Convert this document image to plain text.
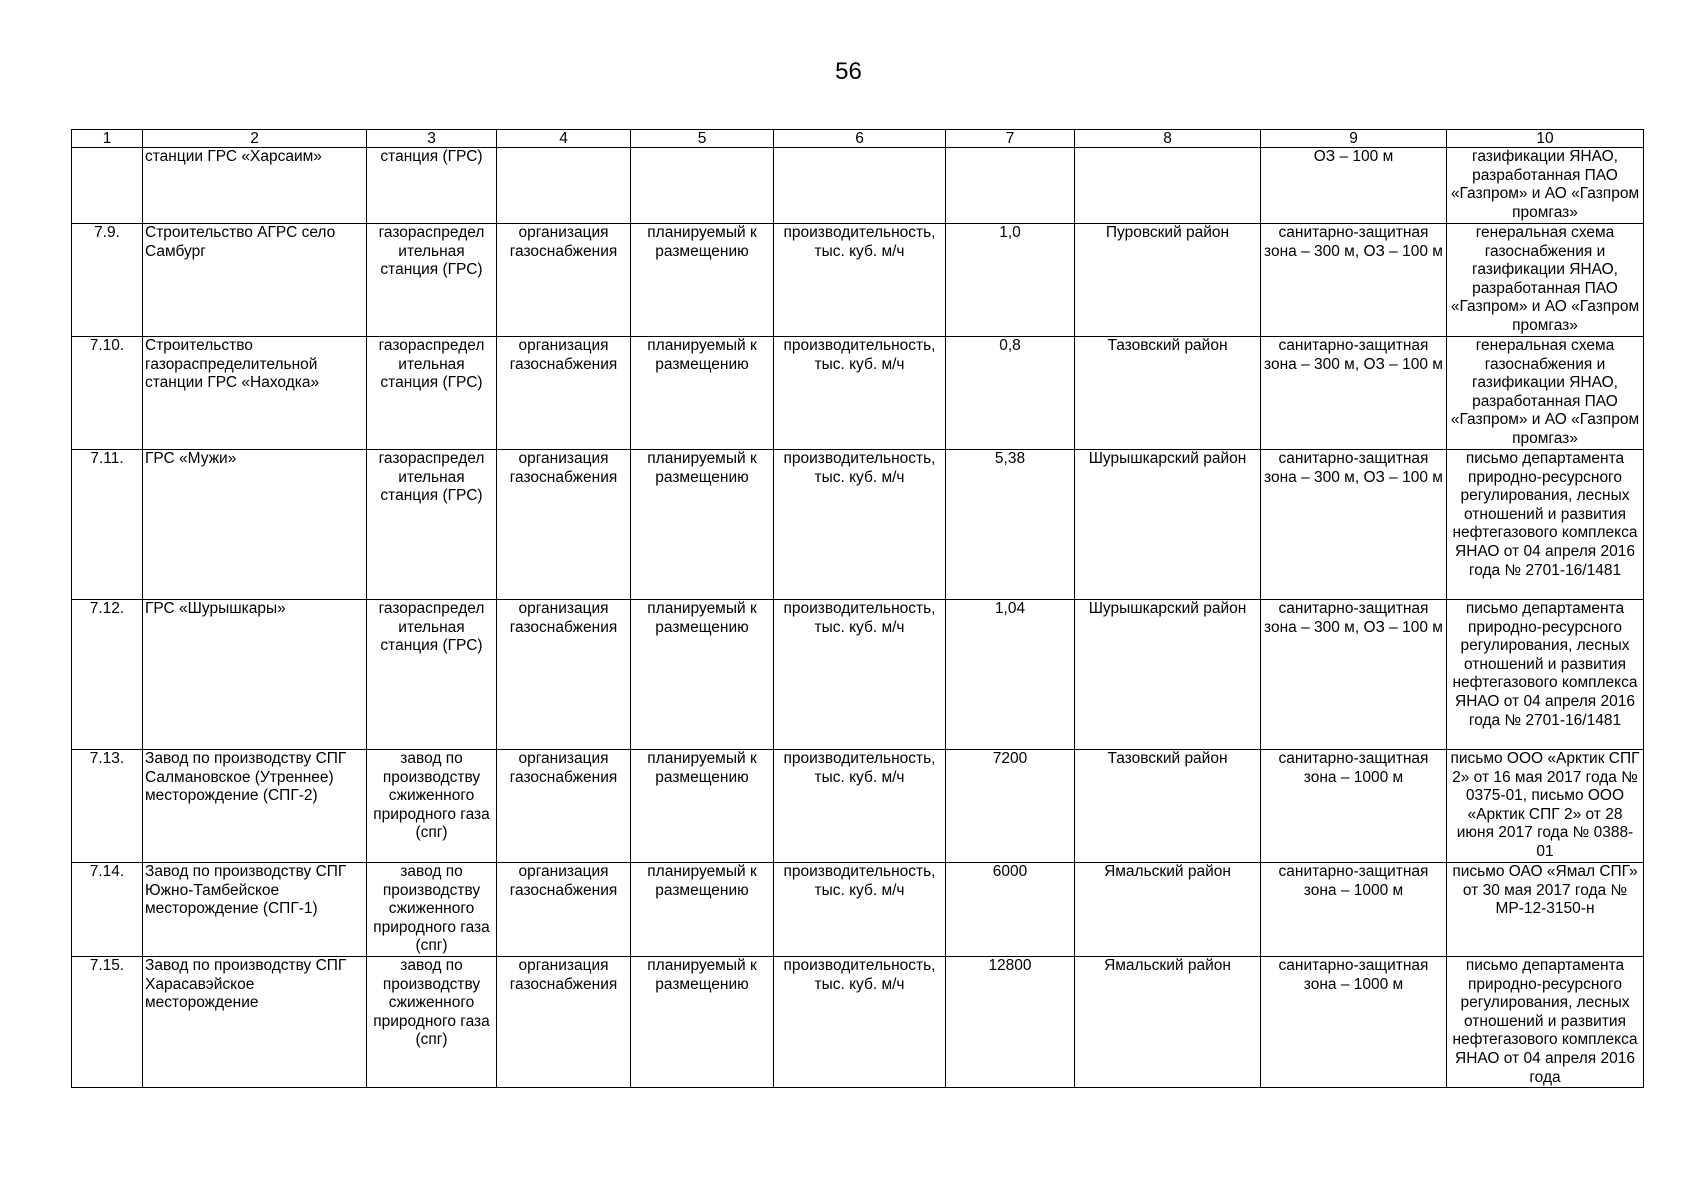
56
1	2	3	4	5	6	7	8	9	10
	станции ГРС «Харсаим»	станция (ГРС)						ОЗ – 100 м	газификации ЯНАО, разработанная ПАО «Газпром» и АО «Газпром промгаз»
7.9.	Строительство АГРС село Самбург	газораспредел ительная станция (ГРС)	организация газоснабжения	планируемый к размещению	производительность, тыс. куб. м/ч	1,0	Пуровский район	санитарно-защитная зона – 300 м, ОЗ – 100 м	генеральная схема газоснабжения и газификации ЯНАО, разработанная ПАО «Газпром» и АО «Газпром промгаз»
7.10.	Строительство газораспределительной станции ГРС «Находка»	газораспредел ительная станция (ГРС)	организация газоснабжения	планируемый к размещению	производительность, тыс. куб. м/ч	0,8	Тазовский район	санитарно-защитная зона – 300 м, ОЗ – 100 м	генеральная схема газоснабжения и газификации ЯНАО, разработанная ПАО «Газпром» и АО «Газпром промгаз»
7.11.	ГРС «Мужи»	газораспредел ительная станция (ГРС)	организация газоснабжения	планируемый к размещению	производительность, тыс. куб. м/ч	5,38	Шурышкарский район	санитарно-защитная зона – 300 м, ОЗ – 100 м	письмо департамента природно-ресурсного регулирования, лесных отношений и развития нефтегазового комплекса ЯНАО от 04 апреля 2016 года № 2701-16/1481
7.12.	ГРС «Шурышкары»	газораспредел ительная станция (ГРС)	организация газоснабжения	планируемый к размещению	производительность, тыс. куб. м/ч	1,04	Шурышкарский район	санитарно-защитная зона – 300 м, ОЗ – 100 м	письмо департамента природно-ресурсного регулирования, лесных отношений и развития нефтегазового комплекса ЯНАО от 04 апреля 2016 года № 2701-16/1481
7.13.	Завод по производству СПГ Салмановское (Утреннее) месторождение (СПГ-2)	завод по производству сжиженного природного газа (спг)	организация газоснабжения	планируемый к размещению	производительность, тыс. куб. м/ч	7200	Тазовский район	санитарно-защитная зона – 1000 м	письмо ООО «Арктик СПГ 2» от 16 мая 2017 года № 0375-01, письмо ООО «Арктик СПГ 2» от 28 июня 2017 года № 0388-01
7.14.	Завод по производству СПГ Южно-Тамбейское месторождение (СПГ-1)	завод по производству сжиженного природного газа (спг)	организация газоснабжения	планируемый к размещению	производительность, тыс. куб. м/ч	6000	Ямальский район	санитарно-защитная зона – 1000 м	письмо ОАО «Ямал СПГ» от 30 мая 2017 года № МР-12-3150-н
7.15.	Завод по производству СПГ Харасавэйское месторождение	завод по производству сжиженного природного газа (спг)	организация газоснабжения	планируемый к размещению	производительность, тыс. куб. м/ч	12800	Ямальский район	санитарно-защитная зона – 1000 м	письмо департамента природно-ресурсного регулирования, лесных отношений и развития нефтегазового комплекса ЯНАО от 04 апреля 2016 года
